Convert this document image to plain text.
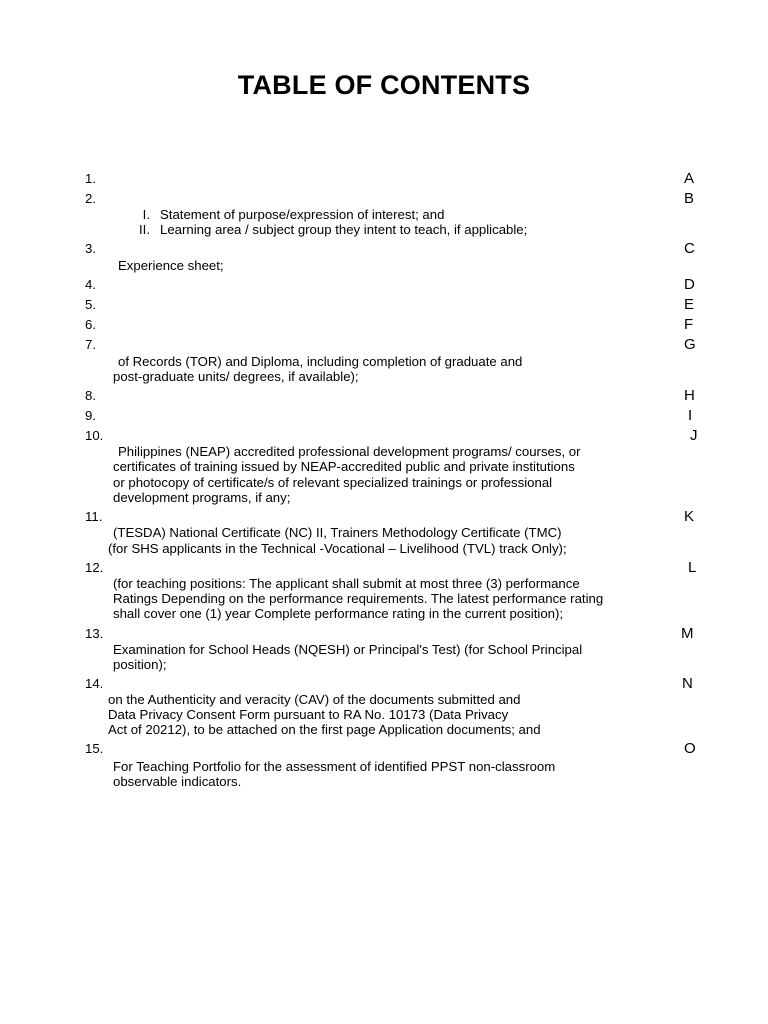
TABLE OF CONTENTS
1.	A
2.	B
I. Statement of purpose/expression of interest; and
II. Learning area / subject group they intent to teach, if applicable;
3.	C
Experience sheet;
4.	D
5.	E
6.	F
7.	G
of Records (TOR) and Diploma, including completion of graduate and
post-graduate units/ degrees, if available);
8.	H
9.	I
10.	J
Philippines (NEAP) accredited professional development programs/ courses, or
certificates of training issued by NEAP-accredited public and private institutions
or photocopy of certificate/s of relevant specialized trainings or professional
development programs, if any;
11.	K
(TESDA) National Certificate (NC) II, Trainers Methodology Certificate (TMC)
(for SHS applicants in the Technical -Vocational – Livelihood (TVL) track Only);
12.	L
(for teaching positions: The applicant shall submit at most three (3) performance
Ratings Depending on the performance requirements. The latest performance rating
shall cover one (1) year Complete performance rating in the current position);
13.	M
Examination for School Heads (NQESH) or Principal's Test) (for School Principal
position);
14.	N
on the Authenticity and veracity (CAV) of the documents submitted and
Data Privacy Consent Form pursuant to RA No. 10173 (Data Privacy
Act of 20212), to be attached on the first page Application documents; and
15.	O
For Teaching Portfolio for the assessment of identified PPST non-classroom
observable indicators.
